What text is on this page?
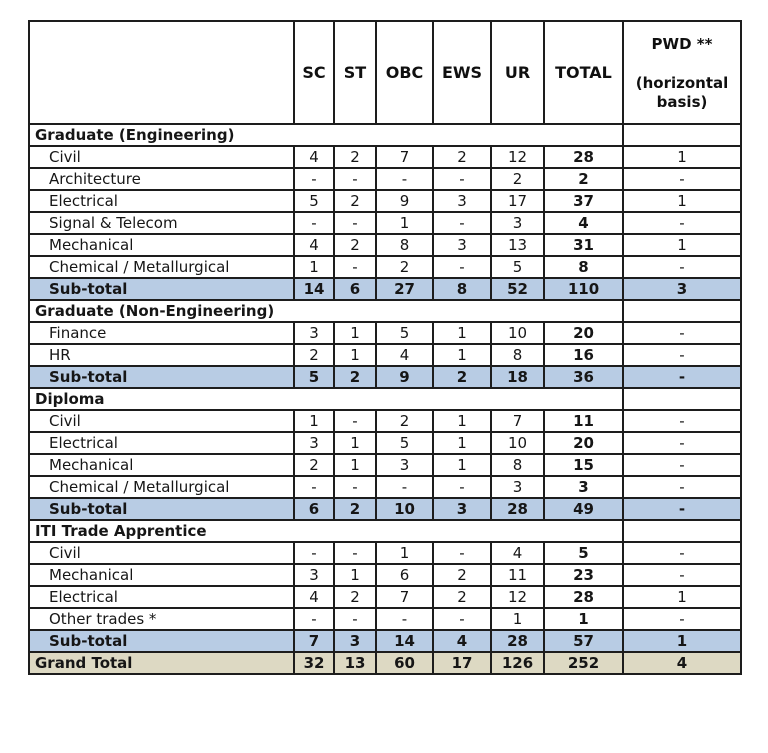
	SC	ST	OBC	EWS	UR	TOTAL	PWD **
(horizontal basis)

Graduate (Engineering)							
Civil	4	2	7	2	12	28	1
Architecture	-	-	-	-	2	2	-
Electrical	5	2	9	3	17	37	1
Signal & Telecom	-	-	1	-	3	4	-
Mechanical	4	2	8	3	13	31	1
Chemical / Metallurgical	1	-	2	-	5	8	-
Sub-total	14	6	27	8	52	110	3
Graduate (Non-Engineering)							
Finance	3	1	5	1	10	20	-
HR	2	1	4	1	8	16	-
Sub-total	5	2	9	2	18	36	-
Diploma							
Civil	1	-	2	1	7	11	-
Electrical	3	1	5	1	10	20	-
Mechanical	2	1	3	1	8	15	-
Chemical / Metallurgical	-	-	-	-	3	3	-
Sub-total	6	2	10	3	28	49	-
ITI Trade Apprentice							
Civil	-	-	1	-	4	5	-
Mechanical	3	1	6	2	11	23	-
Electrical	4	2	7	2	12	28	1
Other trades *	-	-	-	-	1	1	-
Sub-total	7	3	14	4	28	57	1
Grand Total	32	13	60	17	126	252	4
